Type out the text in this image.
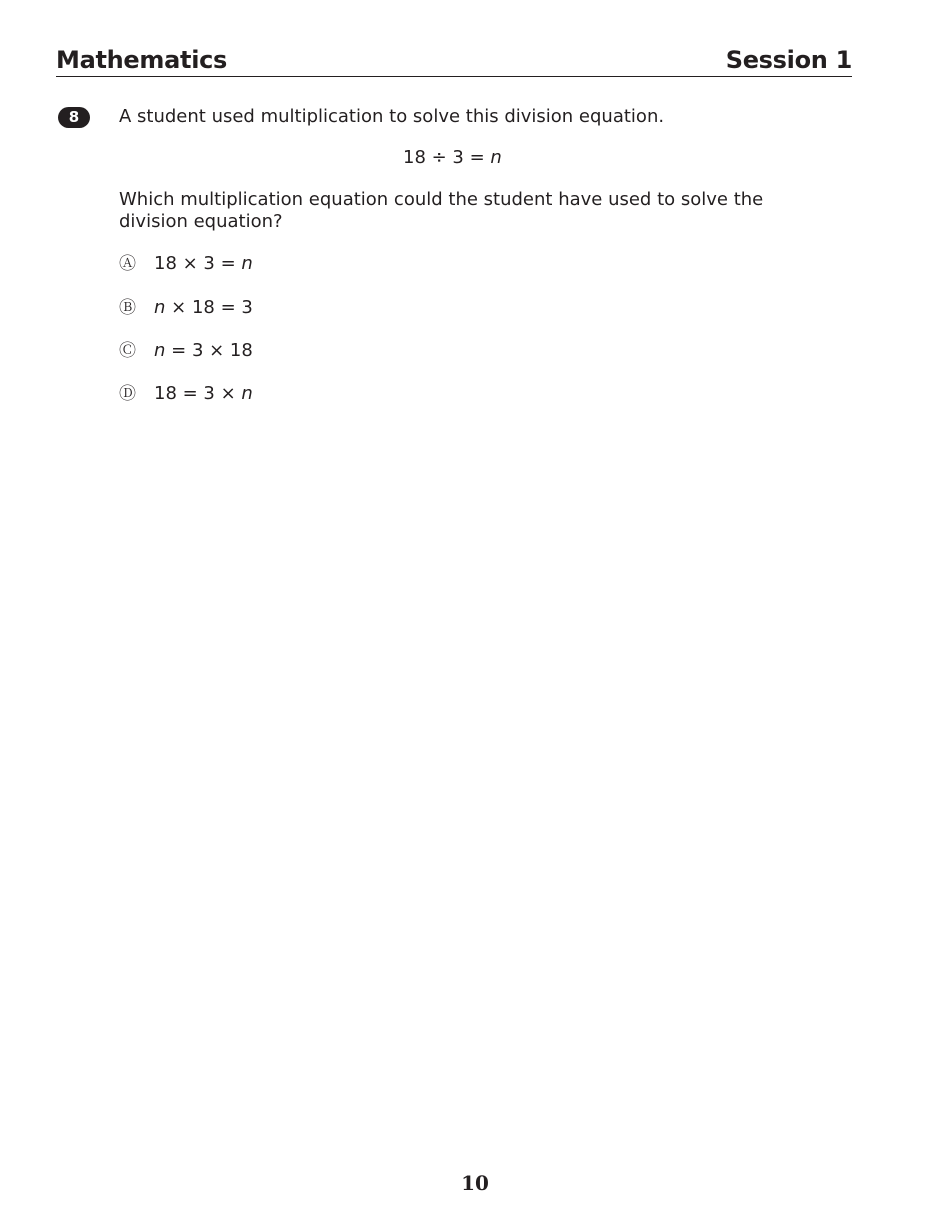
Mathematics	Session 1
8	A student used multiplication to solve this division equation.
18 ÷ 3 = n
Which multiplication equation could the student have used to solve the division equation?

Ⓐ

18 × 3 = n

Ⓑ

n × 18 = 3

Ⓒ

n = 3 × 18

Ⓓ

18 = 3 × n

10
